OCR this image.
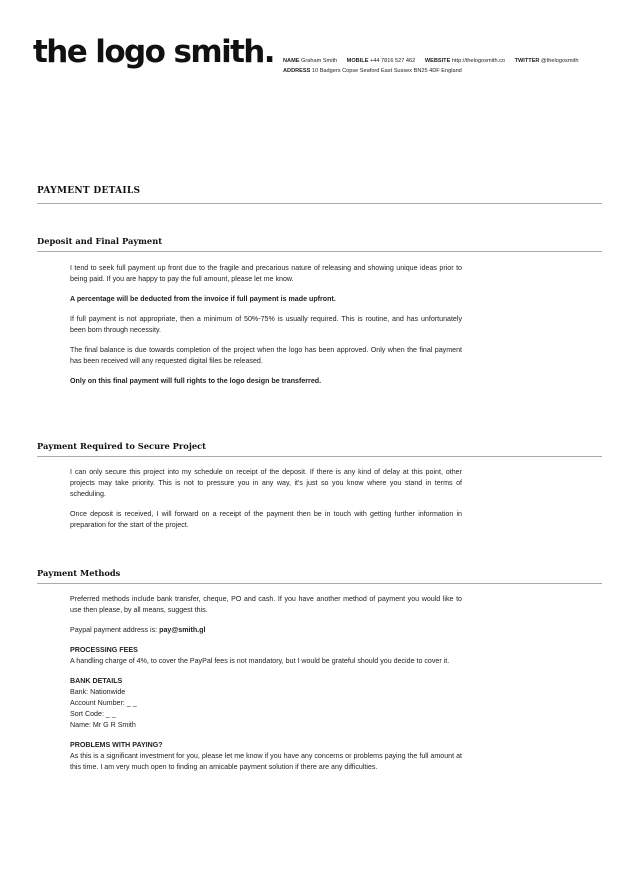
the logo smith. NAME Graham Smith MOBILE +44 7816 527 462 WEBSITE http://thelogosmith.co TWITTER @thelogosmith
ADDRESS 10 Badgers Copse Seaford East Sussex BN25 4DF England
PAYMENT DETAILS
Deposit and Final Payment

I tend to seek full payment up front due to the fragile and precarious nature of releasing and showing unique ideas prior to being paid. If you are happy to pay the full amount, please let me know.

A percentage will be deducted from the invoice if full payment is made upfront.

If full payment is not appropriate, then a minimum of 50%-75% is usually required. This is routine, and has unfortunately been born through necessity.

The final balance is due towards completion of the project when the logo has been approved. Only when the final payment has been received will any requested digital files be released.

Only on this final payment will full rights to the logo design be transferred.

Payment Required to Secure Project

I can only secure this project into my schedule on receipt of the deposit. If there is any kind of delay at this point, other projects may take priority. This is not to pressure you in any way, it's just so you know where you stand in terms of scheduling.

Once deposit is received, I will forward on a receipt of the payment then be in touch with getting further information in preparation for the start of the project.

Payment Methods

Preferred methods include bank transfer, cheque, PO and cash. If you have another method of payment you would like to use then please, by all means, suggest this.

Paypal payment address is: pay@smith.gl

PROCESSING FEES

A handling charge of 4%, to cover the PayPal fees is not mandatory, but I would be grateful should you decide to cover it.

BANK DETAILS
Bank: Nationwide
Account Number: _ _
Sort Code: _ _
Name: Mr G R Smith
PROBLEMS WITH PAYING?

As this is a significant investment for you, please let me know if you have any concerns or problems paying the full amount at this time. I am very much open to finding an amicable payment solution if there are any difficulties.
